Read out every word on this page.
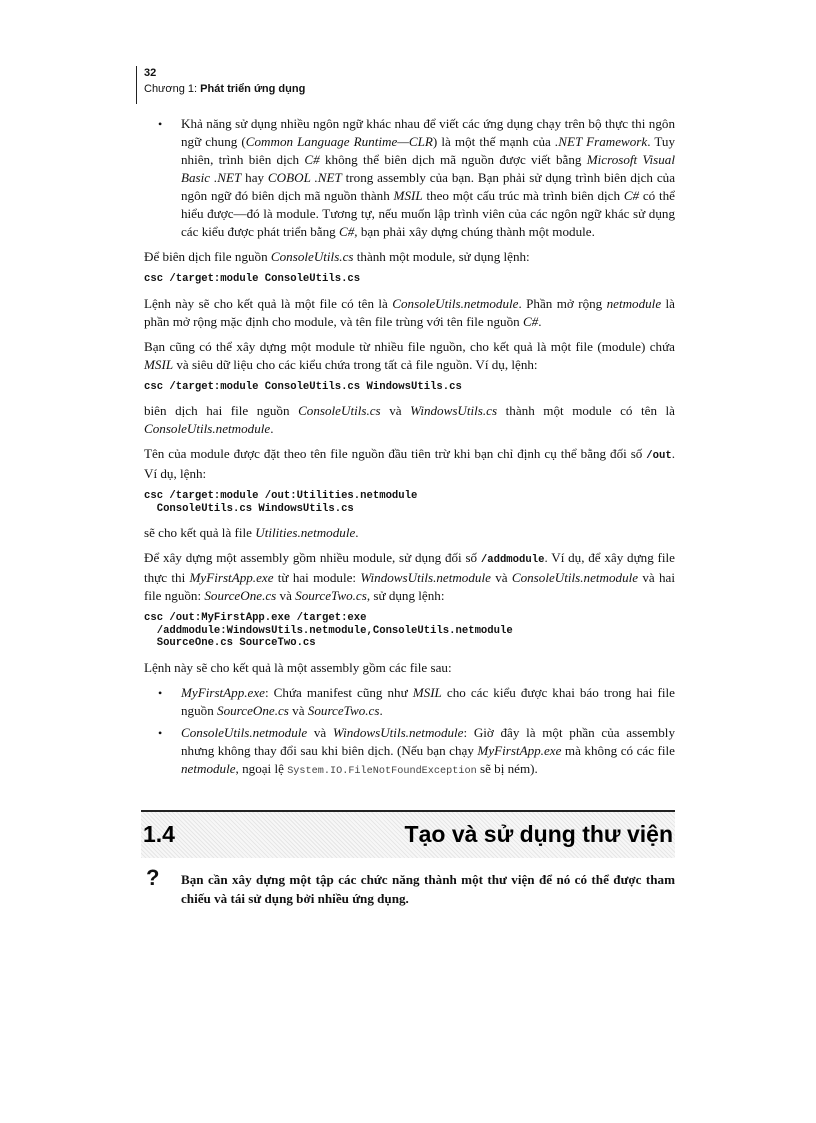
32
Chương 1: Phát triển ứng dụng
• Khả năng sử dụng nhiều ngôn ngữ khác nhau để viết các ứng dụng chạy trên bộ thực thi ngôn ngữ chung (Common Language Runtime—CLR) là một thế mạnh của .NET Framework. Tuy nhiên, trình biên dịch C# không thể biên dịch mã nguồn được viết bằng Microsoft Visual Basic .NET hay COBOL .NET trong assembly của bạn. Bạn phải sử dụng trình biên dịch của ngôn ngữ đó biên dịch mã nguồn thành MSIL theo một cấu trúc mà trình biên dịch C# có thể hiểu được—đó là module. Tương tự, nếu muốn lập trình viên của các ngôn ngữ khác sử dụng các kiểu được phát triển bằng C#, bạn phải xây dựng chúng thành một module.

Để biên dịch file nguồn ConsoleUtils.cs thành một module, sử dụng lệnh:

csc /target:module ConsoleUtils.cs

Lệnh này sẽ cho kết quả là một file có tên là ConsoleUtils.netmodule. Phần mở rộng netmodule là phần mở rộng mặc định cho module, và tên file trùng với tên file nguồn C#.

Bạn cũng có thể xây dựng một module từ nhiều file nguồn, cho kết quả là một file (module) chứa MSIL và siêu dữ liệu cho các kiểu chứa trong tất cả file nguồn. Ví dụ, lệnh:

csc /target:module ConsoleUtils.cs WindowsUtils.cs

biên dịch hai file nguồn ConsoleUtils.cs và WindowsUtils.cs thành một module có tên là ConsoleUtils.netmodule.

Tên của module được đặt theo tên file nguồn đầu tiên trừ khi bạn chỉ định cụ thể bằng đối số /out. Ví dụ, lệnh:

csc /target:module /out:Utilities.netmodule
ConsoleUtils.cs WindowsUtils.cs

sẽ cho kết quả là file Utilities.netmodule.

Để xây dựng một assembly gồm nhiều module, sử dụng đối số /addmodule. Ví dụ, để xây dựng file thực thi MyFirstApp.exe từ hai module: WindowsUtils.netmodule và ConsoleUtils.netmodule và hai file nguồn: SourceOne.cs và SourceTwo.cs, sử dụng lệnh:

csc /out:MyFirstApp.exe /target:exe
/addmodule:WindowsUtils.netmodule,ConsoleUtils.netmodule
SourceOne.cs SourceTwo.cs

Lệnh này sẽ cho kết quả là một assembly gồm các file sau:

• MyFirstApp.exe: Chứa manifest cũng như MSIL cho các kiểu được khai báo trong hai file nguồn SourceOne.cs và SourceTwo.cs.
• ConsoleUtils.netmodule và WindowsUtils.netmodule: Giờ đây là một phần của assembly nhưng không thay đổi sau khi biên dịch. (Nếu bạn chạy MyFirstApp.exe mà không có các file netmodule, ngoại lệ System.IO.FileNotFoundException sẽ bị ném).
1.4	Tạo và sử dụng thư viện
? Bạn cần xây dựng một tập các chức năng thành một thư viện để nó có thể được tham chiếu và tái sử dụng bởi nhiều ứng dụng.
